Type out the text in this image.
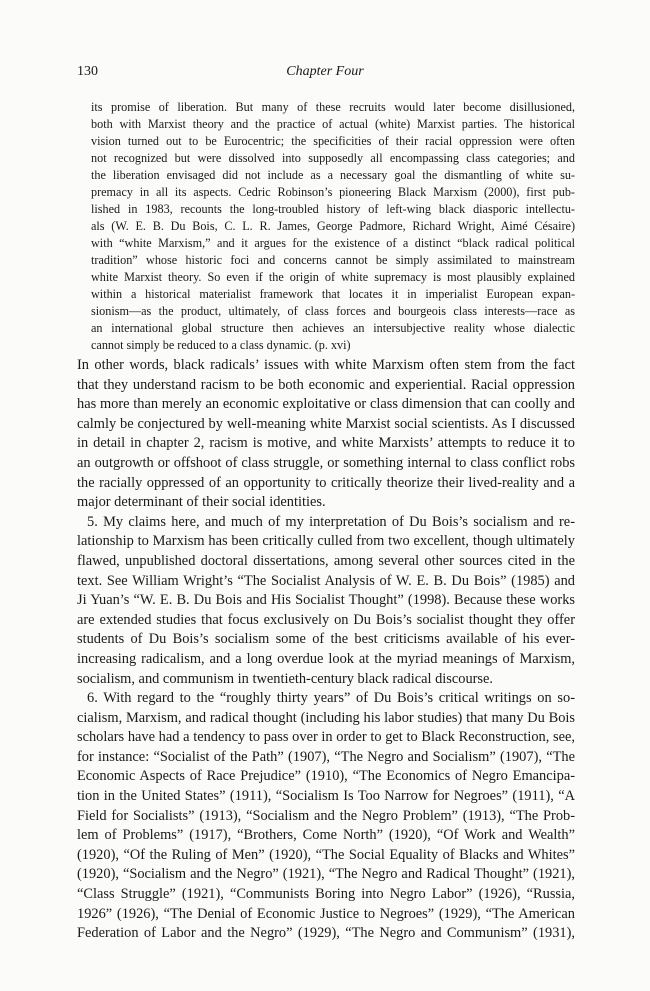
130	Chapter Four
its promise of liberation. But many of these recruits would later become disillusioned,
both with Marxist theory and the practice of actual (white) Marxist parties. The historical
vision turned out to be Eurocentric; the specificities of their racial oppression were often
not recognized but were dissolved into supposedly all encompassing class categories; and
the liberation envisaged did not include as a necessary goal the dismantling of white su-
premacy in all its aspects. Cedric Robinson’s pioneering Black Marxism (2000), first pub-
lished in 1983, recounts the long-troubled history of left-wing black diasporic intellectu-
als (W. E. B. Du Bois, C. L. R. James, George Padmore, Richard Wright, Aimé Césaire)
with “white Marxism,” and it argues for the existence of a distinct “black radical political
tradition” whose historic foci and concerns cannot be simply assimilated to mainstream
white Marxist theory. So even if the origin of white supremacy is most plausibly explained
within a historical materialist framework that locates it in imperialist European expan-
sionism—as the product, ultimately, of class forces and bourgeois class interests—race as
an international global structure then achieves an intersubjective reality whose dialectic
cannot simply be reduced to a class dynamic. (p. xvi)
In other words, black radicals’ issues with white Marxism often stem from the fact
that they understand racism to be both economic and experiential. Racial oppression
has more than merely an economic exploitative or class dimension that can coolly and
calmly be conjectured by well-meaning white Marxist social scientists. As I discussed
in detail in chapter 2, racism is motive, and white Marxists’ attempts to reduce it to
an outgrowth or offshoot of class struggle, or something internal to class conflict robs
the racially oppressed of an opportunity to critically theorize their lived-reality and a
major determinant of their social identities.
5. My claims here, and much of my interpretation of Du Bois’s socialism and re-
lationship to Marxism has been critically culled from two excellent, though ultimately
flawed, unpublished doctoral dissertations, among several other sources cited in the
text. See William Wright’s “The Socialist Analysis of W. E. B. Du Bois” (1985) and
Ji Yuan’s “W. E. B. Du Bois and His Socialist Thought” (1998). Because these works
are extended studies that focus exclusively on Du Bois’s socialist thought they offer
students of Du Bois’s socialism some of the best criticisms available of his ever-
increasing radicalism, and a long overdue look at the myriad meanings of Marxism,
socialism, and communism in twentieth-century black radical discourse.
6. With regard to the “roughly thirty years” of Du Bois’s critical writings on so-
cialism, Marxism, and radical thought (including his labor studies) that many Du Bois
scholars have had a tendency to pass over in order to get to Black Reconstruction, see,
for instance: “Socialist of the Path” (1907), “The Negro and Socialism” (1907), “The
Economic Aspects of Race Prejudice” (1910), “The Economics of Negro Emancipa-
tion in the United States” (1911), “Socialism Is Too Narrow for Negroes” (1911), “A
Field for Socialists” (1913), “Socialism and the Negro Problem” (1913), “The Prob-
lem of Problems” (1917), “Brothers, Come North” (1920), “Of Work and Wealth”
(1920), “Of the Ruling of Men” (1920), “The Social Equality of Blacks and Whites”
(1920), “Socialism and the Negro” (1921), “The Negro and Radical Thought” (1921),
“Class Struggle” (1921), “Communists Boring into Negro Labor” (1926), “Russia,
1926” (1926), “The Denial of Economic Justice to Negroes” (1929), “The American
Federation of Labor and the Negro” (1929), “The Negro and Communism” (1931),
